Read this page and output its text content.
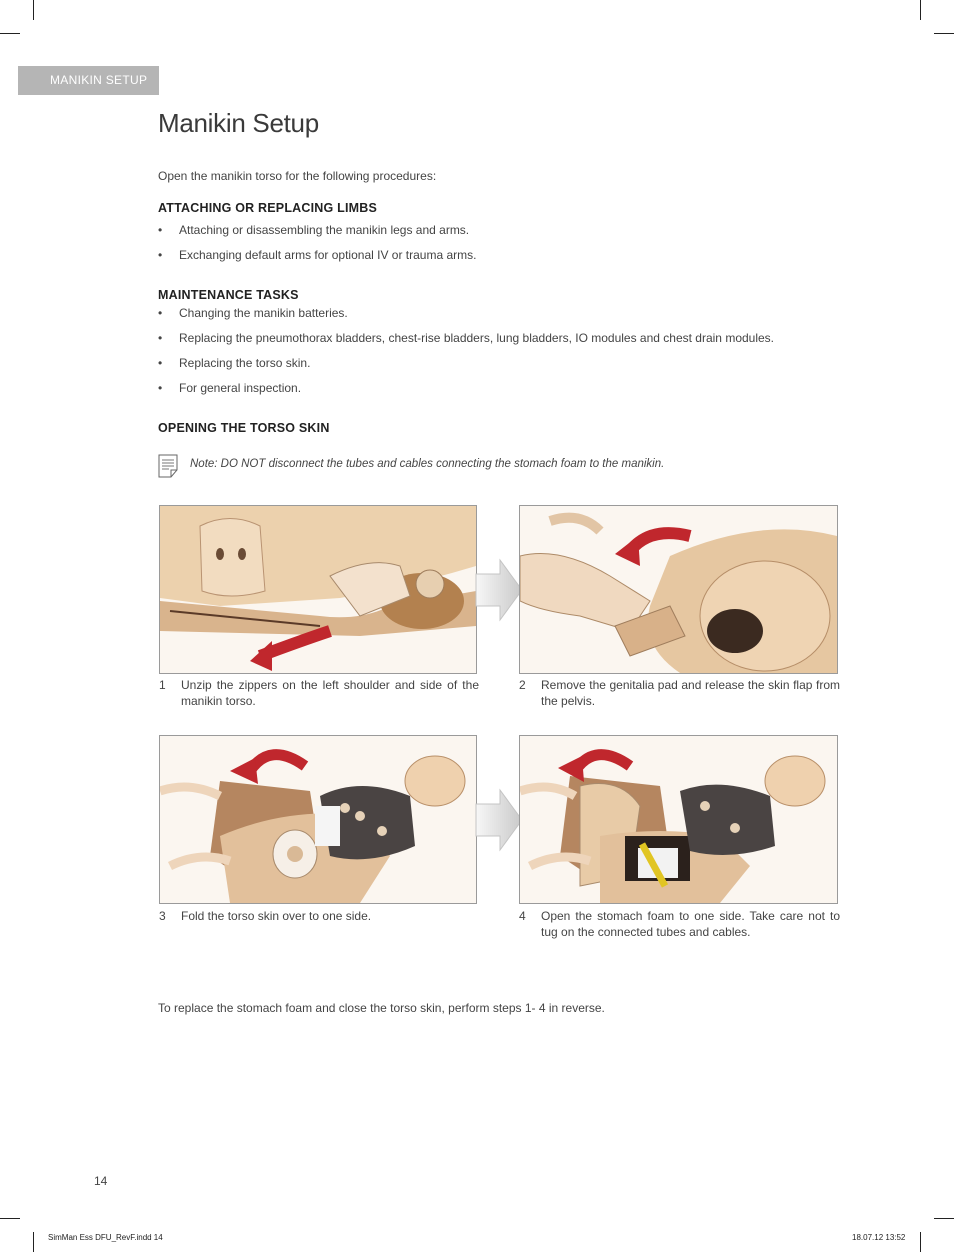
MANIKIN SETUP
Manikin Setup

Open the manikin torso for the following procedures:

ATTACHING OR REPLACING LIMBS
• Attaching or disassembling the manikin legs and arms.
• Exchanging default arms for optional IV or trauma arms.
MAINTENANCE TASKS
• Changing the manikin batteries.
• Replacing the pneumothorax bladders, chest-rise bladders, lung bladders, IO modules and chest drain modules.
• Replacing the torso skin.
• For general inspection.
OPENING THE TORSO SKIN

Note: DO NOT disconnect the tubes and cables connecting the stomach foam to the manikin.

1 Unzip the zippers on the left shoulder and side of the manikin torso.

2 Remove the genitalia pad and release the skin flap from the pelvis.

3 Fold the torso skin over to one side.	4 Open the stomach foam to one side. Take care not to tug on the connected tubes and cables.

To replace the stomach foam and close the torso skin, perform steps 1- 4 in reverse.

14
SimMan Ess DFU_RevF.indd 14	18.07.12 13:52
